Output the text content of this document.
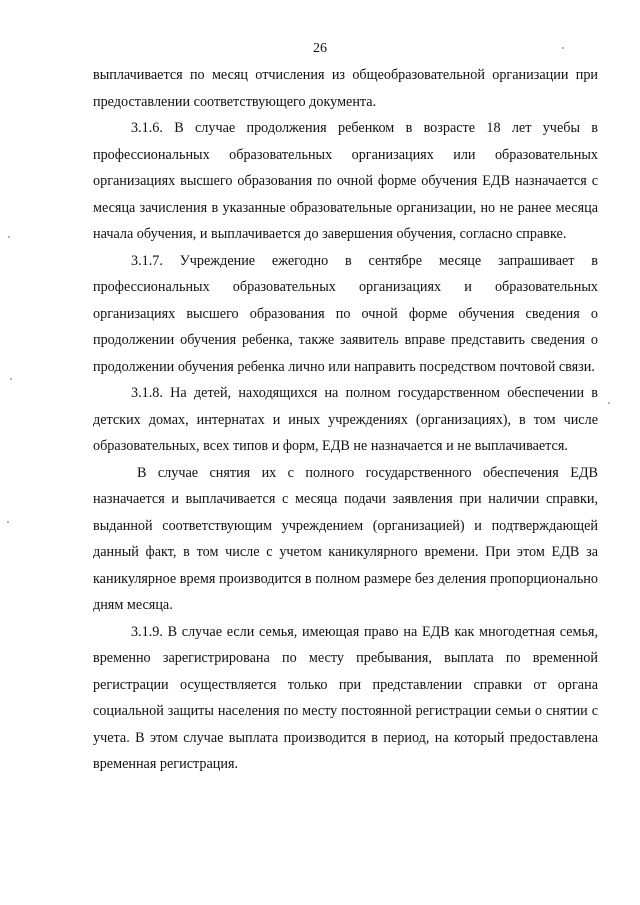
26

выплачивается по месяц отчисления из общеобразовательной организации при предоставлении соответствующего документа.

3.1.6. В случае продолжения ребенком в возрасте 18 лет учебы в профессиональных образовательных организациях или образовательных организациях высшего образования по очной форме обучения ЕДВ назначается с месяца зачисления в указанные образовательные организации, но не ранее месяца начала обучения, и выплачивается до завершения обучения, согласно справке.

3.1.7. Учреждение ежегодно в сентябре месяце запрашивает в профессиональных образовательных организациях и образовательных организациях высшего образования по очной форме обучения сведения о продолжении обучения ребенка, также заявитель вправе представить сведения о продолжении обучения ребенка лично или направить посредством почтовой связи.

3.1.8. На детей, находящихся на полном государственном обеспечении в детских домах, интернатах и иных учреждениях (организациях), в том числе образовательных, всех типов и форм, ЕДВ не назначается и не выплачивается.

В случае снятия их с полного государственного обеспечения ЕДВ назначается и выплачивается с месяца подачи заявления при наличии справки, выданной соответствующим учреждением (организацией) и подтверждающей данный факт, в том числе с учетом каникулярного времени. При этом ЕДВ за каникулярное время производится в полном размере без деления пропорционально дням месяца.

3.1.9. В случае если семья, имеющая право на ЕДВ как многодетная семья, временно зарегистрирована по месту пребывания, выплата по временной регистрации осуществляется только при представлении справки от органа социальной защиты населения по месту постоянной регистрации семьи о снятии с учета. В этом случае выплата производится в период, на который предоставлена временная регистрация.
